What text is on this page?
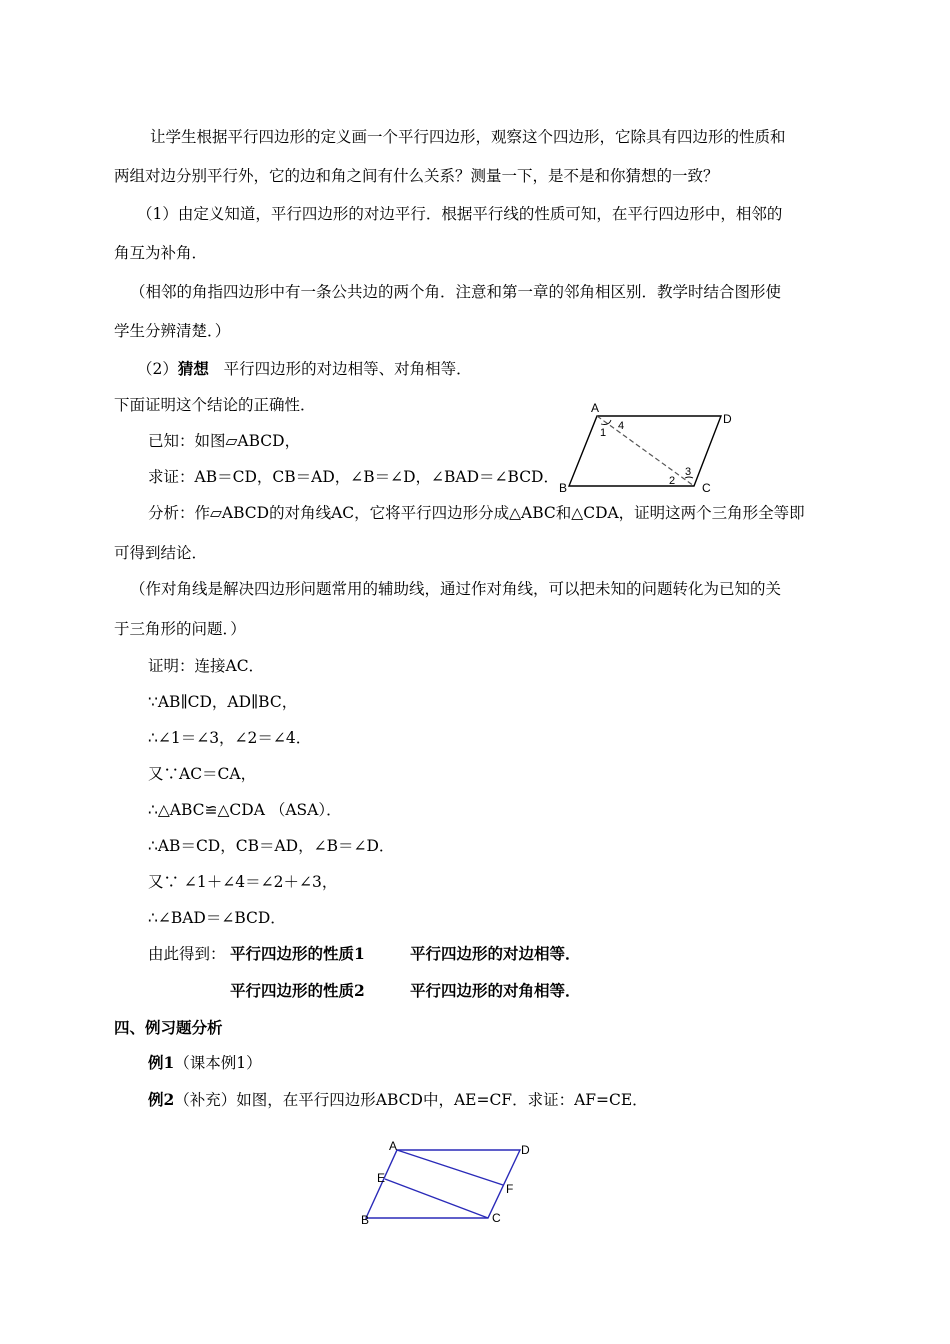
让学生根据平行四边形的定义画一个平行四边形，观察这个四边形，它除具有四边形的性质和
两组对边分别平行外，它的边和角之间有什么关系？测量一下，是不是和你猜想的一致？
（1）由定义知道，平行四边形的对边平行．根据平行线的性质可知，在平行四边形中，相邻的
角互为补角．
（相邻的角指四边形中有一条公共边的两个角．注意和第一章的邻角相区别．教学时结合图形使
学生分辨清楚．）
（2）猜想 平行四边形的对边相等、对角相等．
下面证明这个结论的正确性．
已知：如图▱ABCD，
求证：AB＝CD，CB＝AD，∠B＝∠D，∠BAD＝∠BCD．
分析：作▱ABCD的对角线AC，它将平行四边形分成△ABC和△CDA，证明这两个三角形全等即
可得到结论．
（作对角线是解决四边形问题常用的辅助线，通过作对角线，可以把未知的问题转化为已知的关
于三角形的问题．）
证明：连接AC．
∵AB∥CD，AD∥BC，
∴∠1＝∠3，∠2＝∠4．
又∵AC＝CA，
∴△ABC≌△CDA （ASA）．
∴AB＝CD，CB＝AD，∠B＝∠D．
又∵ ∠1＋∠4＝∠2＋∠3，
∴∠BAD＝∠BCD．
由此得到： 平行四边形的性质1	平行四边形的对边相等．
平行四边形的性质2	平行四边形的对角相等．
四、例习题分析
例1（课本例1）
例2（补充）如图，在平行四边形ABCD中，AE=CF．求证：AF=CE．
A
D
B	C
1
4
3
2
A	D
E
F
B	C
